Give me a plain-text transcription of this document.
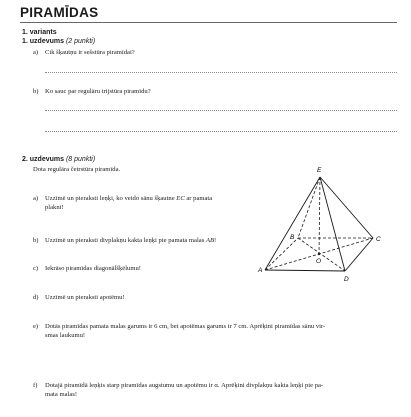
PIRAMĪDAS
1. variants
1. uzdevums (2 punkti)
a) Cik šķautņu ir sešstūra piramīdai?
b) Ko sauc par regulāru trijstūra piramīdu?
2. uzdevums (8 punkti)
Dota regulāra četrstūra piramīda.
a) Uzzīmē un pieraksti leņķi, ko veido sānu šķautne EC ar pamata
plakni!
b) Uzzīmē un pieraksti divplakņu kakta leņķi pie pamata malas AB!
c) Iekrāso piramīdas diagonālšķēlumu!
d) Uzzīmē un pieraksti apotēmu!
e) Dotās piramīdas pamata malas garums ir 6 cm, bet apotēmas garums ir 7 cm. Aprēķini piramīdas sānu vir-
smas laukumu!
f) Dotajā piramīdā leņķis starp piramīdas augstumu un apotēmu ir α. Aprēķini divplakņu kakta leņķi pie pa-
mata malas!
E
A
B	C
D
O
